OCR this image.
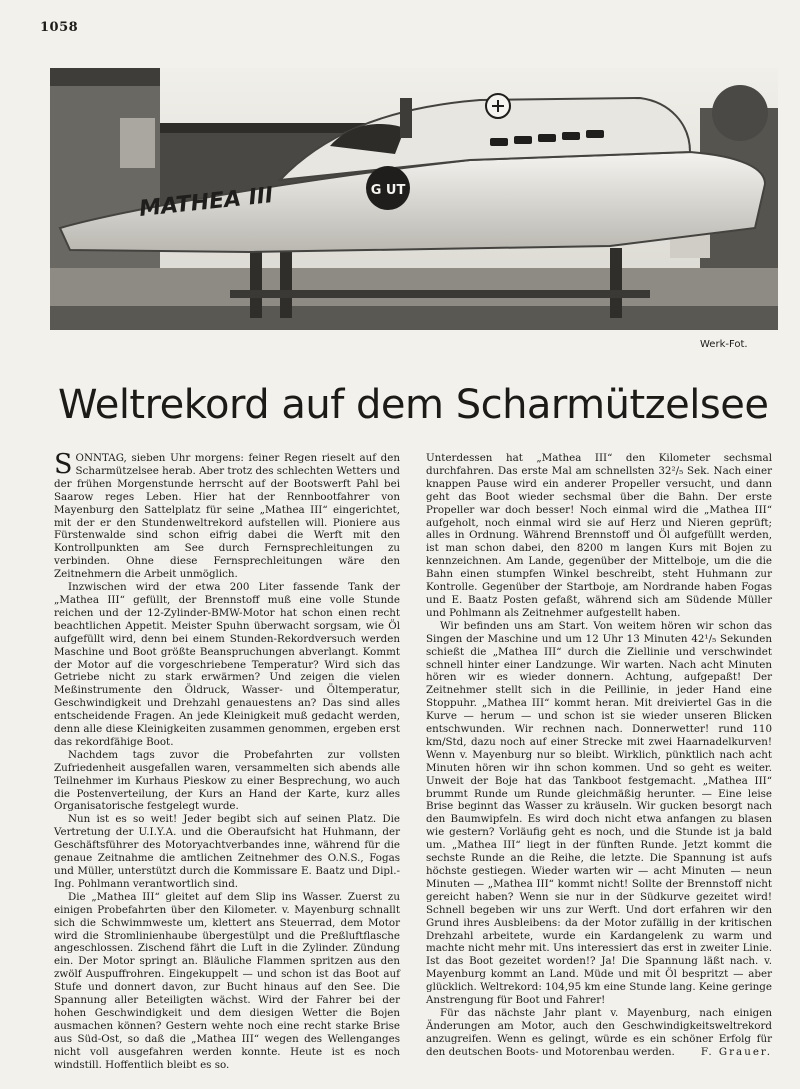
1058
MATHEA III	G UT
Werk-Fot.
Weltrekord auf dem Scharmützelsee

SONNTAG, sieben Uhr morgens: feiner Regen rieselt auf den Scharmützelsee herab. Aber trotz des schlechten Wetters und der frühen Morgenstunde herrscht auf der Bootswerft Pahl bei Saarow reges Leben. Hier hat der Rennbootfahrer von Mayenburg den Sattelplatz für seine „Mathea III“ eingerichtet, mit der er den Stundenweltrekord aufstellen will. Pioniere aus Fürstenwalde sind schon eifrig dabei die Werft mit den Kontrollpunkten am See durch Fernsprechleitungen zu verbinden. Ohne diese Fernsprechleitungen wäre den Zeitnehmern die Arbeit unmöglich.

Inzwischen wird der etwa 200 Liter fassende Tank der „Mathea III“ gefüllt, der Brennstoff muß eine volle Stunde reichen und der 12-Zylinder-BMW-Motor hat schon einen recht beachtlichen Appetit. Meister Spuhn überwacht sorgsam, wie Öl aufgefüllt wird, denn bei einem Stunden-Rekordversuch werden Maschine und Boot größte Beanspruchungen abverlangt. Kommt der Motor auf die vorgeschriebene Temperatur? Wird sich das Getriebe nicht zu stark erwärmen? Und zeigen die vielen Meßinstrumente den Öldruck, Wasser- und Öltemperatur, Geschwindigkeit und Drehzahl genauestens an? Das sind alles entscheidende Fragen. An jede Kleinigkeit muß gedacht werden, denn alle diese Kleinigkeiten zusammen genommen, ergeben erst das rekordfähige Boot.

Nachdem tags zuvor die Probefahrten zur vollsten Zufriedenheit ausgefallen waren, versammelten sich abends alle Teilnehmer im Kurhaus Pieskow zu einer Besprechung, wo auch die Postenverteilung, der Kurs an Hand der Karte, kurz alles Organisatorische festgelegt wurde.

Nun ist es so weit! Jeder begibt sich auf seinen Platz. Die Vertretung der U.I.Y.A. und die Oberaufsicht hat Huhmann, der Geschäftsführer des Motoryachtverbandes inne, während für die genaue Zeitnahme die amtlichen Zeitnehmer des O.N.S., Fogas und Müller, unterstützt durch die Kommissare E. Baatz und Dipl.-Ing. Pohlmann verantwortlich sind.

Die „Mathea III“ gleitet auf dem Slip ins Wasser. Zuerst zu einigen Probefahrten über den Kilometer. v. Mayenburg schnallt sich die Schwimmweste um, klettert ans Steuerrad, dem Motor wird die Stromlinienhaube übergestülpt und die Preßluftflasche angeschlossen. Zischend fährt die Luft in die Zylinder. Zündung ein. Der Motor springt an. Bläuliche Flammen spritzen aus den zwölf Auspuffrohren. Eingekuppelt — und schon ist das Boot auf Stufe und donnert davon, zur Bucht hinaus auf den See. Die Spannung aller Beteiligten wächst. Wird der Fahrer bei der hohen Geschwindigkeit und dem diesigen Wetter die Bojen ausmachen können? Gestern wehte noch eine recht starke Brise aus Süd-Ost, so daß die „Mathea III“ wegen des Wellenganges nicht voll ausgefahren werden konnte. Heute ist es noch windstill. Hoffentlich bleibt es so.

Unterdessen hat „Mathea III“ den Kilometer sechsmal durchfahren. Das erste Mal am schnellsten 32²/₅ Sek. Nach einer knappen Pause wird ein anderer Propeller versucht, und dann geht das Boot wieder sechsmal über die Bahn. Der erste Propeller war doch besser! Noch einmal wird die „Mathea III“ aufgeholt, noch einmal wird sie auf Herz und Nieren geprüft; alles in Ordnung. Während Brennstoff und Öl aufgefüllt werden, ist man schon dabei, den 8200 m langen Kurs mit Bojen zu kennzeichnen. Am Lande, gegenüber der Mittelboje, um die die Bahn einen stumpfen Winkel beschreibt, steht Huhmann zur Kontrolle. Gegenüber der Startboje, am Nordrande haben Fogas und E. Baatz Posten gefaßt, während sich am Südende Müller und Pohlmann als Zeitnehmer aufgestellt haben.

Wir befinden uns am Start. Von weitem hören wir schon das Singen der Maschine und um 12 Uhr 13 Minuten 42¹/₅ Sekunden schießt die „Mathea III“ durch die Ziellinie und verschwindet schnell hinter einer Landzunge. Wir warten. Nach acht Minuten hören wir es wieder donnern. Achtung, aufgepaßt! Der Zeitnehmer stellt sich in die Peillinie, in jeder Hand eine Stoppuhr. „Mathea III“ kommt heran. Mit dreiviertel Gas in die Kurve — herum — und schon ist sie wieder unseren Blicken entschwunden. Wir rechnen nach. Donnerwetter! rund 110 km/Std, dazu noch auf einer Strecke mit zwei Haarnadelkurven! Wenn v. Mayenburg nur so bleibt. Wirklich, pünktlich nach acht Minuten hören wir ihn schon kommen. Und so geht es weiter. Unweit der Boje hat das Tankboot festgemacht. „Mathea III“ brummt Runde um Runde gleichmäßig herunter. — Eine leise Brise beginnt das Wasser zu kräuseln. Wir gucken besorgt nach den Baumwipfeln. Es wird doch nicht etwa anfangen zu blasen wie gestern? Vorläufig geht es noch, und die Stunde ist ja bald um. „Mathea III“ liegt in der fünften Runde. Jetzt kommt die sechste Runde an die Reihe, die letzte. Die Spannung ist aufs höchste gestiegen. Wieder warten wir — acht Minuten — neun Minuten — „Mathea III“ kommt nicht! Sollte der Brennstoff nicht gereicht haben? Wenn sie nur in der Südkurve gezeitet wird! Schnell begeben wir uns zur Werft. Und dort erfahren wir den Grund ihres Ausbleibens: da der Motor zufällig in der kritischen Drehzahl arbeitete, wurde ein Kardangelenk zu warm und machte nicht mehr mit. Uns interessiert das erst in zweiter Linie. Ist das Boot gezeitet worden!? Ja! Die Spannung läßt nach. v. Mayenburg kommt an Land. Müde und mit Öl bespritzt — aber glücklich. Weltrekord: 104,95 km eine Stunde lang. Keine geringe Anstrengung für Boot und Fahrer!

Für das nächste Jahr plant v. Mayenburg, nach einigen Änderungen am Motor, auch den Geschwindigkeitsweltrekord anzugreifen. Wenn es gelingt, würde es ein schöner Erfolg für den deutschen Boots- und Motorenbau werden.	F. Grauer.
